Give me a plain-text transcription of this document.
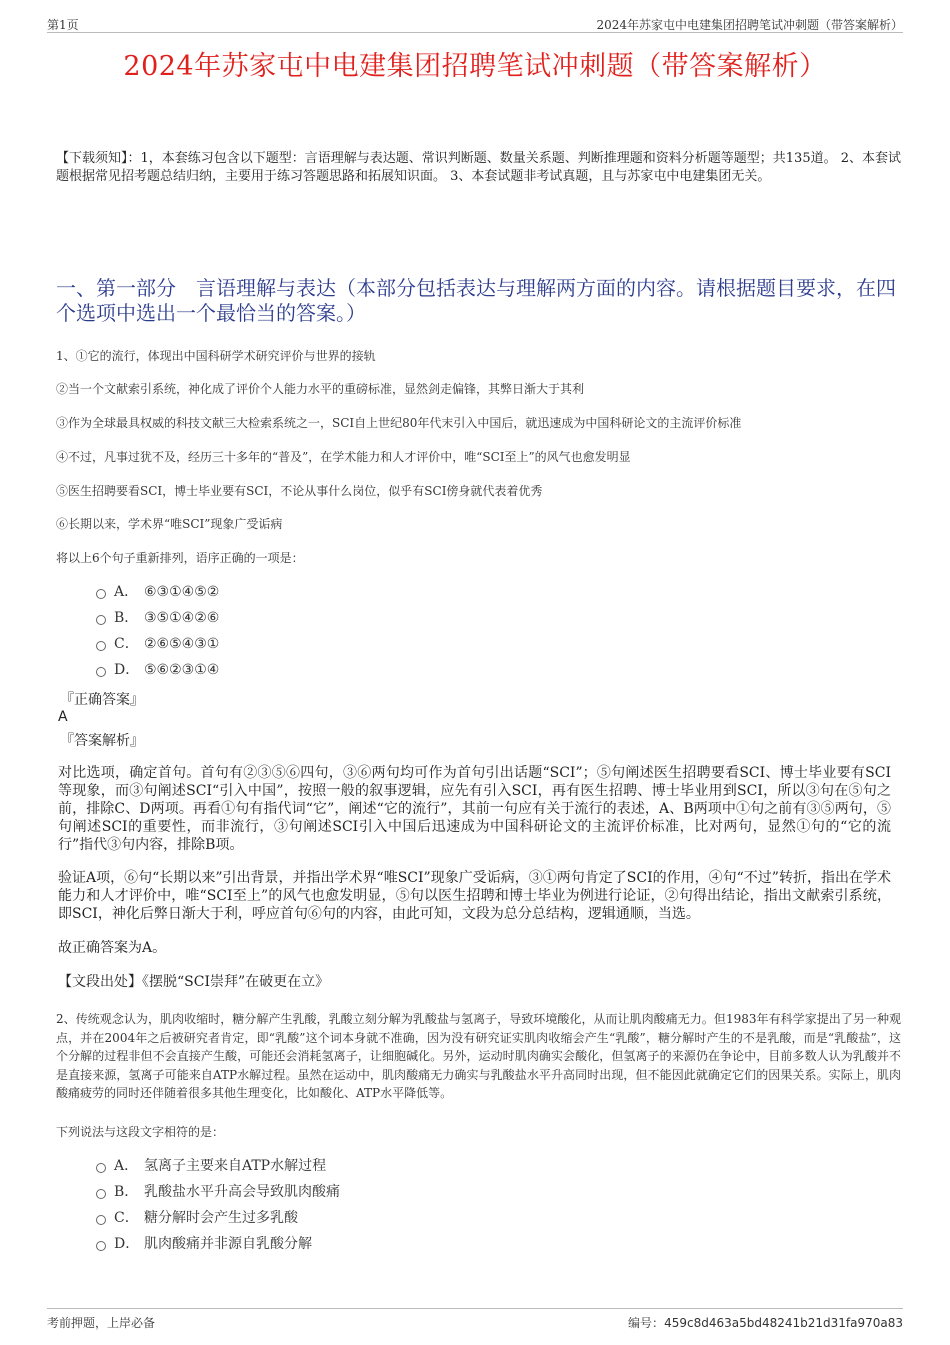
第1页	2024年苏家屯中电建集团招聘笔试冲刺题（带答案解析）
2024年苏家屯中电建集团招聘笔试冲刺题（带答案解析）
【下载须知】：1，本套练习包含以下题型：言语理解与表达题、常识判断题、数量关系题、判断推理题和资料分析题等题型；共135道。 2、本套试题根据常见招考题总结归纳，主要用于练习答题思路和拓展知识面。 3、本套试题非考试真题，且与苏家屯中电建集团无关。
一、第一部分　言语理解与表达（本部分包括表达与理解两方面的内容。请根据题目要求，在四个选项中选出一个最恰当的答案。）

1、①它的流行，体现出中国科研学术研究评价与世界的接轨

②当一个文献索引系统，神化成了评价个人能力水平的重磅标准，显然剑走偏锋，其弊日渐大于其利

③作为全球最具权威的科技文献三大检索系统之一，SCI自上世纪80年代末引入中国后，就迅速成为中国科研论文的主流评价标准

④不过，凡事过犹不及，经历三十多年的“普及”，在学术能力和人才评价中，唯“SCI至上”的风气也愈发明显

⑤医生招聘要看SCI，博士毕业要有SCI，不论从事什么岗位，似乎有SCI傍身就代表着优秀

⑥长期以来，学术界“唯SCI”现象广受诟病

将以上6个句子重新排列，语序正确的一项是：

A． ⑥③①④⑤②
B． ③⑤①④②⑥
C． ②⑥⑤④③①
D． ⑤⑥②③①④
『正确答案』
A
『答案解析』

对比选项，确定首句。首句有②③⑤⑥四句，③⑥两句均可作为首句引出话题“SCI”；⑤句阐述医生招聘要看SCI、博士毕业要有SCI等现象，而③句阐述SCI“引入中国”，按照一般的叙事逻辑，应先有引入SCI，再有医生招聘、博士毕业用到SCI，所以③句在⑤句之前，排除C、D两项。再看①句有指代词“它”，阐述“它的流行”，其前一句应有关于流行的表述，A、B两项中①句之前有③⑤两句，⑤句阐述SCI的重要性，而非流行，③句阐述SCI引入中国后迅速成为中国科研论文的主流评价标准，比对两句，显然①句的“它的流行”指代③句内容，排除B项。

验证A项，⑥句“长期以来”引出背景，并指出学术界“唯SCI”现象广受诟病，③①两句肯定了SCI的作用，④句“不过”转折，指出在学术能力和人才评价中，唯“SCI至上”的风气也愈发明显，⑤句以医生招聘和博士毕业为例进行论证，②句得出结论，指出文献索引系统，即SCI，神化后弊日渐大于利，呼应首句⑥句的内容，由此可知，文段为总分总结构，逻辑通顺，当选。

故正确答案为A。

【文段出处】《摆脱“SCI崇拜”在破更在立》

2、传统观念认为，肌肉收缩时，糖分解产生乳酸，乳酸立刻分解为乳酸盐与氢离子，导致环境酸化，从而让肌肉酸痛无力。但1983年有科学家提出了另一种观点，并在2004年之后被研究者肯定，即“乳酸”这个词本身就不准确，因为没有研究证实肌肉收缩会产生“乳酸”，糖分解时产生的不是乳酸，而是“乳酸盐”，这个分解的过程非但不会直接产生酸，可能还会消耗氢离子，让细胞碱化。另外，运动时肌肉确实会酸化，但氢离子的来源仍在争论中，目前多数人认为乳酸并不是直接来源，氢离子可能来自ATP水解过程。虽然在运动中，肌肉酸痛无力确实与乳酸盐水平升高同时出现，但不能因此就确定它们的因果关系。实际上，肌肉酸痛疲劳的同时还伴随着很多其他生理变化，比如酸化、ATP水平降低等。

下列说法与这段文字相符的是：

A． 氢离子主要来自ATP水解过程
B． 乳酸盐水平升高会导致肌肉酸痛
C． 糖分解时会产生过多乳酸
D． 肌肉酸痛并非源自乳酸分解
考前押题，上岸必备	编号：459c8d463a5bd48241b21d31fa970a83
